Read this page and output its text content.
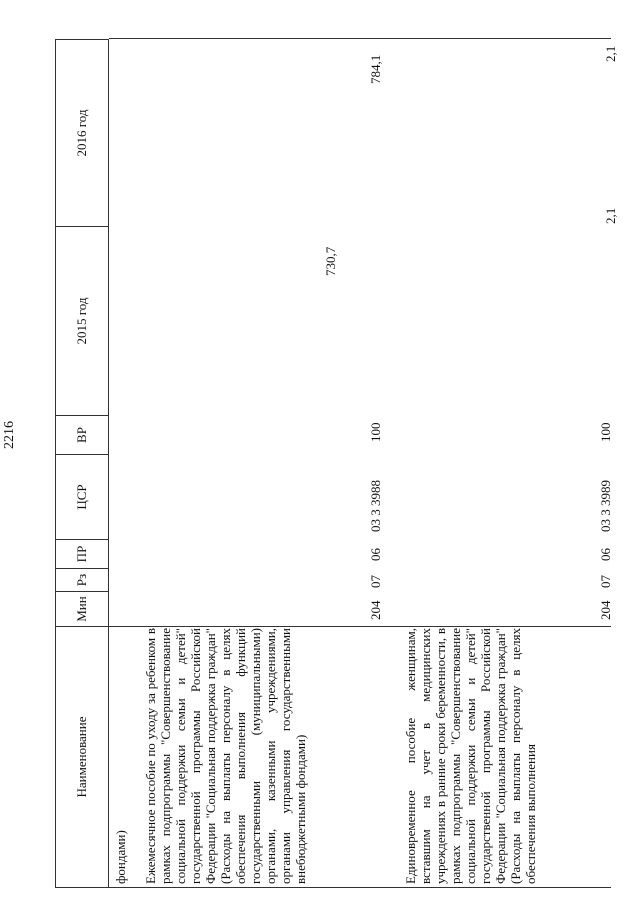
2216
Наименование
Мин
Рз
ПР
ЦСР
ВР
2015 год
2016 год
фондами) Ежемесячное пособие по уходу за ребенком в рамках подпрограммы "Совершенствование социальной поддержки семьи и детей" государственной программы Российской Федерации "Социальная поддержка граждан" (Расходы на выплаты персоналу в целях обеспечения выполнения функций государственными (муниципальными) органами, казенными учреждениями, органами управления государственными внебюджетными фондами)
204
07
06
03 3 3988
100
730,7
784,1
Единовременное пособие женщинам, вставшим на учет в медицинских учреждениях в ранние сроки беременности, в рамках подпрограммы "Совершенствование социальной поддержки семьи и детей" государственной программы Российской Федерации "Социальная поддержка граждан" (Расходы на выплаты персоналу в целях обеспечения выполнения
204
07
06
03 3 3989
100
2,1
2,1
